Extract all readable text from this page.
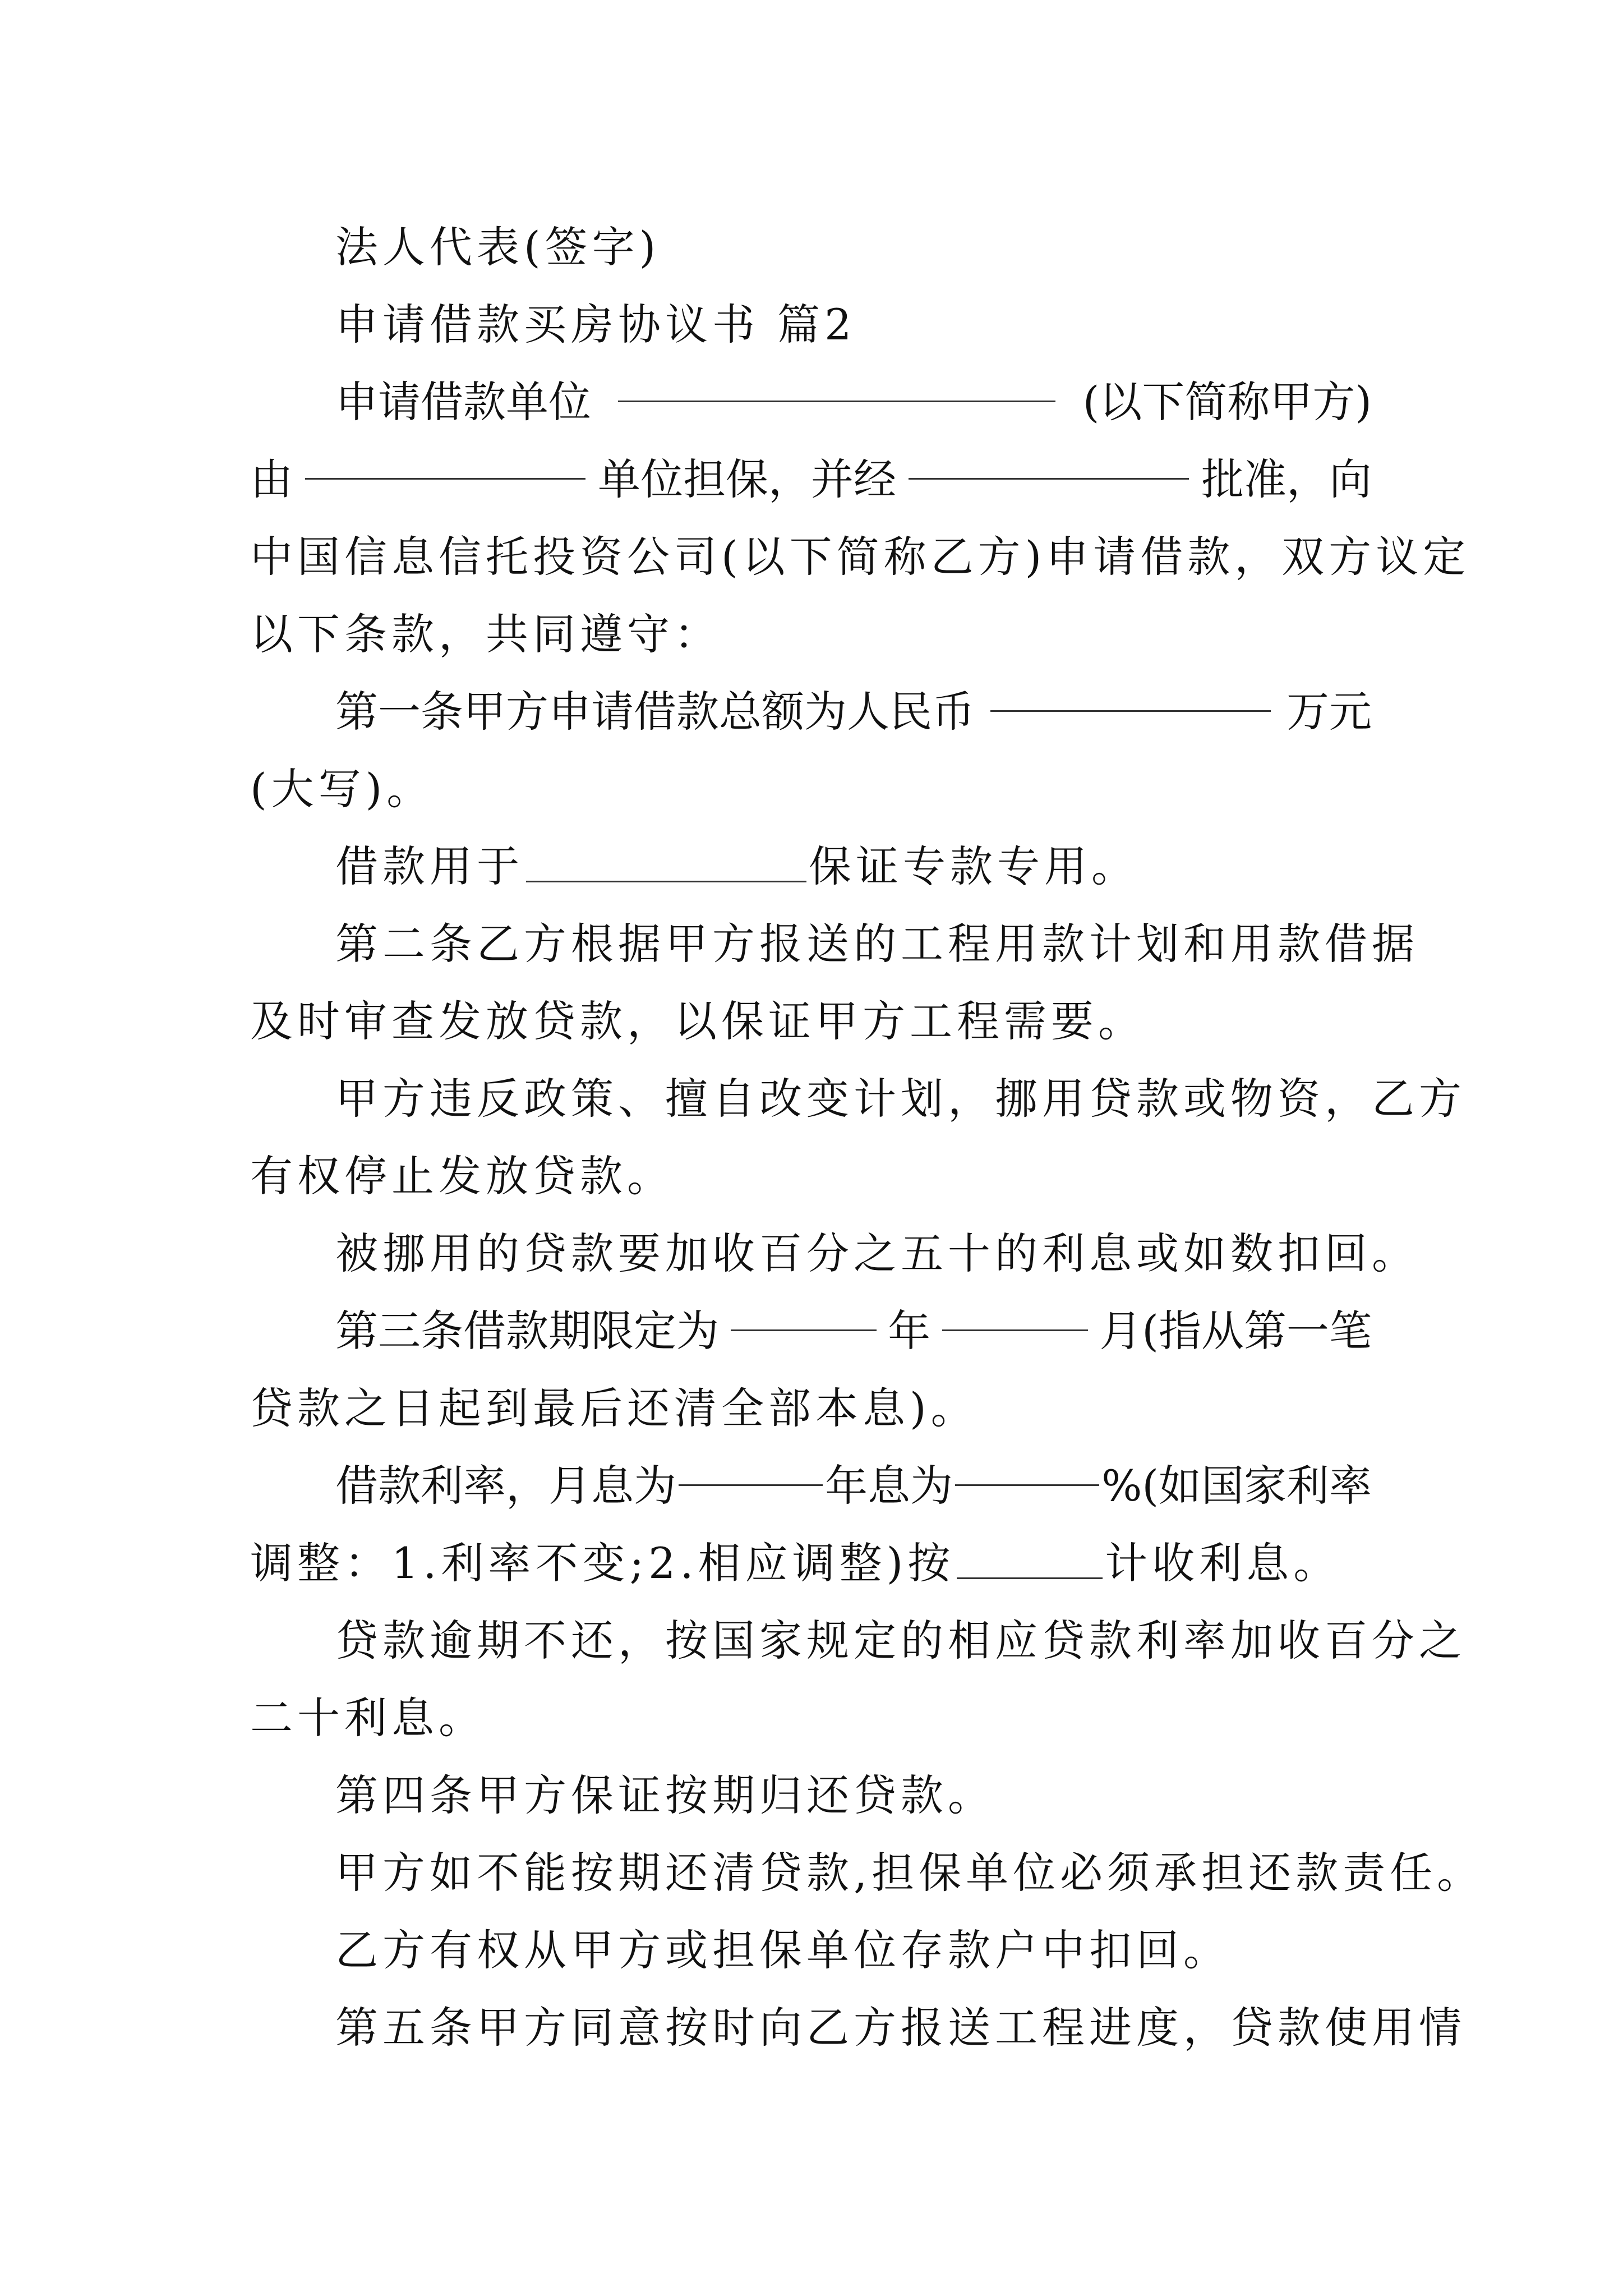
法人代表(签字)
申请借款买房协议书 篇2
申请借款单位	(以下简称甲方)
由	单位担保，并经	批准，向
中国信息信托投资公司(以下简称乙方)申请借款，双方议定
以下条款，共同遵守：
第一条甲方申请借款总额为人民币	万元
(大写)。
借款用于	保证专款专用。
第二条乙方根据甲方报送的工程用款计划和用款借据
及时审查发放贷款，以保证甲方工程需要。
甲方违反政策、擅自改变计划，挪用贷款或物资，乙方
有权停止发放贷款。
被挪用的贷款要加收百分之五十的利息或如数扣回。
第三条借款期限定为	年	月(指从第一笔
贷款之日起到最后还清全部本息)。
借款利率，月息为	年息为	%(如国家利率
调整：1.利率不变;2.相应调整)按	计收利息。
贷款逾期不还，按国家规定的相应贷款利率加收百分之
二十利息。
第四条甲方保证按期归还贷款。
甲方如不能按期还清贷款,担保单位必须承担还款责任。
乙方有权从甲方或担保单位存款户中扣回。
第五条甲方同意按时向乙方报送工程进度，贷款使用情
